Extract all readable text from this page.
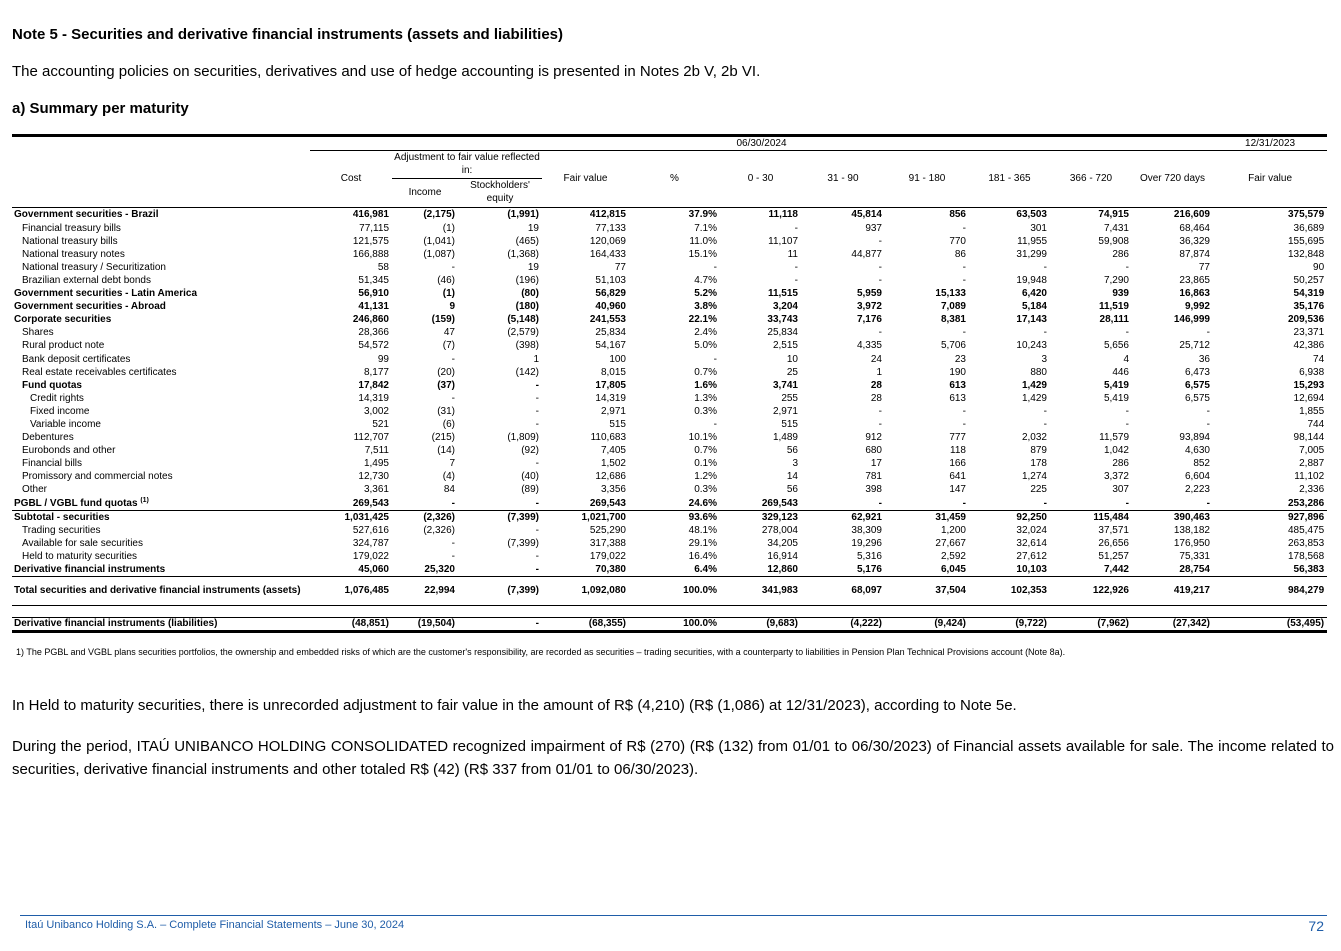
Note 5 - Securities and derivative financial instruments (assets and liabilities)
The accounting policies on securities, derivatives and use of hedge accounting is presented in Notes 2b V, 2b VI.
a) Summary per maturity

	06/30/2024											12/31/2023
	Cost	Adjustment to fair value reflected in:		Fair value	%	0 - 30	31 - 90	91 - 180	181 - 365	366 - 720	Over 720 days	Fair value
		Income	Stockholders' equity									

Government securities - Brazil	416,981	(2,175)	(1,991)	412,815	37.9%	11,118	45,814	856	63,503	74,915	216,609	375,579
Financial treasury bills	77,115	(1)	19	77,133	7.1%	-	937	-	301	7,431	68,464	36,689
National treasury bills	121,575	(1,041)	(465)	120,069	11.0%	11,107	-	770	11,955	59,908	36,329	155,695
National treasury notes	166,888	(1,087)	(1,368)	164,433	15.1%	11	44,877	86	31,299	286	87,874	132,848
National treasury / Securitization	58	-	19	77	-	-	-	-	-	-	77	90
Brazilian external debt bonds	51,345	(46)	(196)	51,103	4.7%	-	-	-	19,948	7,290	23,865	50,257
Government securities - Latin America	56,910	(1)	(80)	56,829	5.2%	11,515	5,959	15,133	6,420	939	16,863	54,319
Government securities - Abroad	41,131	9	(180)	40,960	3.8%	3,204	3,972	7,089	5,184	11,519	9,992	35,176
Corporate securities	246,860	(159)	(5,148)	241,553	22.1%	33,743	7,176	8,381	17,143	28,111	146,999	209,536
Shares	28,366	47	(2,579)	25,834	2.4%	25,834	-	-	-	-	-	23,371
Rural product note	54,572	(7)	(398)	54,167	5.0%	2,515	4,335	5,706	10,243	5,656	25,712	42,386
Bank deposit certificates	99	-	1	100	-	10	24	23	3	4	36	74
Real estate receivables certificates	8,177	(20)	(142)	8,015	0.7%	25	1	190	880	446	6,473	6,938
Fund quotas	17,842	(37)	-	17,805	1.6%	3,741	28	613	1,429	5,419	6,575	15,293
Credit rights	14,319	-	-	14,319	1.3%	255	28	613	1,429	5,419	6,575	12,694
Fixed income	3,002	(31)	-	2,971	0.3%	2,971	-	-	-	-	-	1,855
Variable income	521	(6)	-	515	-	515	-	-	-	-	-	744
Debentures	112,707	(215)	(1,809)	110,683	10.1%	1,489	912	777	2,032	11,579	93,894	98,144
Eurobonds and other	7,511	(14)	(92)	7,405	0.7%	56	680	118	879	1,042	4,630	7,005
Financial bills	1,495	7	-	1,502	0.1%	3	17	166	178	286	852	2,887
Promissory and commercial notes	12,730	(4)	(40)	12,686	1.2%	14	781	641	1,274	3,372	6,604	11,102
Other	3,361	84	(89)	3,356	0.3%	56	398	147	225	307	2,223	2,336
PGBL / VGBL fund quotas $^{(1)}$	269,543	-	-	269,543	24.6%	269,543	-	-	-	-	-	253,286
Subtotal - securities	1,031,425	(2,326)	(7,399)	1,021,700	93.6%	329,123	62,921	31,459	92,250	115,484	390,463	927,896
Trading securities	527,616	(2,326)	-	525,290	48.1%	278,004	38,309	1,200	32,024	37,571	138,182	485,475
Available for sale securities	324,787	-	(7,399)	317,388	29.1%	34,205	19,296	27,667	32,614	26,656	176,950	263,853
Held to maturity securities	179,022	-	-	179,022	16.4%	16,914	5,316	2,592	27,612	51,257	75,331	178,568
Derivative financial instruments	45,060	25,320	-	70,380	6.4%	12,860	5,176	6,045	10,103	7,442	28,754	56,383
Total securities and derivative financial instruments (assets)	1,076,485	22,994	(7,399)	1,092,080	100.0%	341,983	68,097	37,504	102,353	122,926	419,217	984,279

Derivative financial instruments (liabilities)	(48,851)	(19,504)	-	(68,355)	100.0%	(9,683)	(4,222)	(9,424)	(9,722)	(7,962)	(27,342)	(53,495)
1) The PGBL and VGBL plans securities portfolios, the ownership and embedded risks of which are the customer's responsibility, are recorded as securities – trading securities, with a counterparty to liabilities in Pension Plan Technical Provisions account (Note 8a).
In Held to maturity securities, there is unrecorded adjustment to fair value in the amount of R$ (4,210) (R$ (1,086) at 12/31/2023), according to Note 5e.
During the period, ITAÚ UNIBANCO HOLDING CONSOLIDATED recognized impairment of R$ (270) (R$ (132) from 01/01 to 06/30/2023) of Financial assets available for sale. The income related to securities, derivative financial instruments and other totaled R$ (42) (R$ 337 from 01/01 to 06/30/2023).
Itaú Unibanco Holding S.A. – Complete Financial Statements – June 30, 2024	72
